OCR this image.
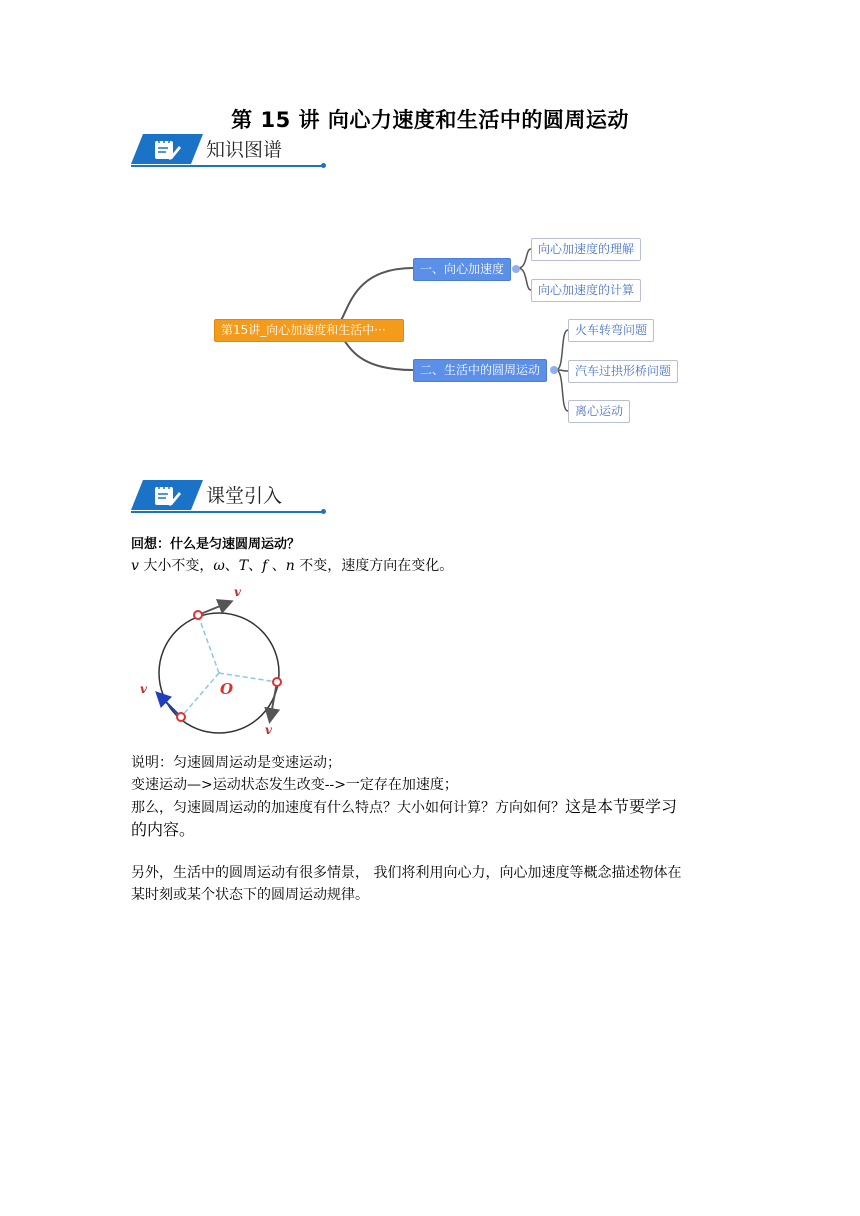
第 15 讲 向心力速度和生活中的圆周运动
知识图谱
第15讲_向心加速度和生活中···
一、向心加速度
二、生活中的圆周运动
向心加速度的理解
向心加速度的计算
火车转弯问题
汽车过拱形桥问题
离心运动
课堂引入
回想：什么是匀速圆周运动？
v 大小不变，ω、T、f 、n 不变，速度方向在变化。
O
v
v
v
说明：匀速圆周运动是变速运动；
变速运动—>运动状态发生改变-->一定存在加速度；
那么，匀速圆周运动的加速度有什么特点？大小如何计算？方向如何？这是本节要学习
的内容。
另外，生活中的圆周运动有很多情景， 我们将利用向心力，向心加速度等概念描述物体在
某时刻或某个状态下的圆周运动规律。
